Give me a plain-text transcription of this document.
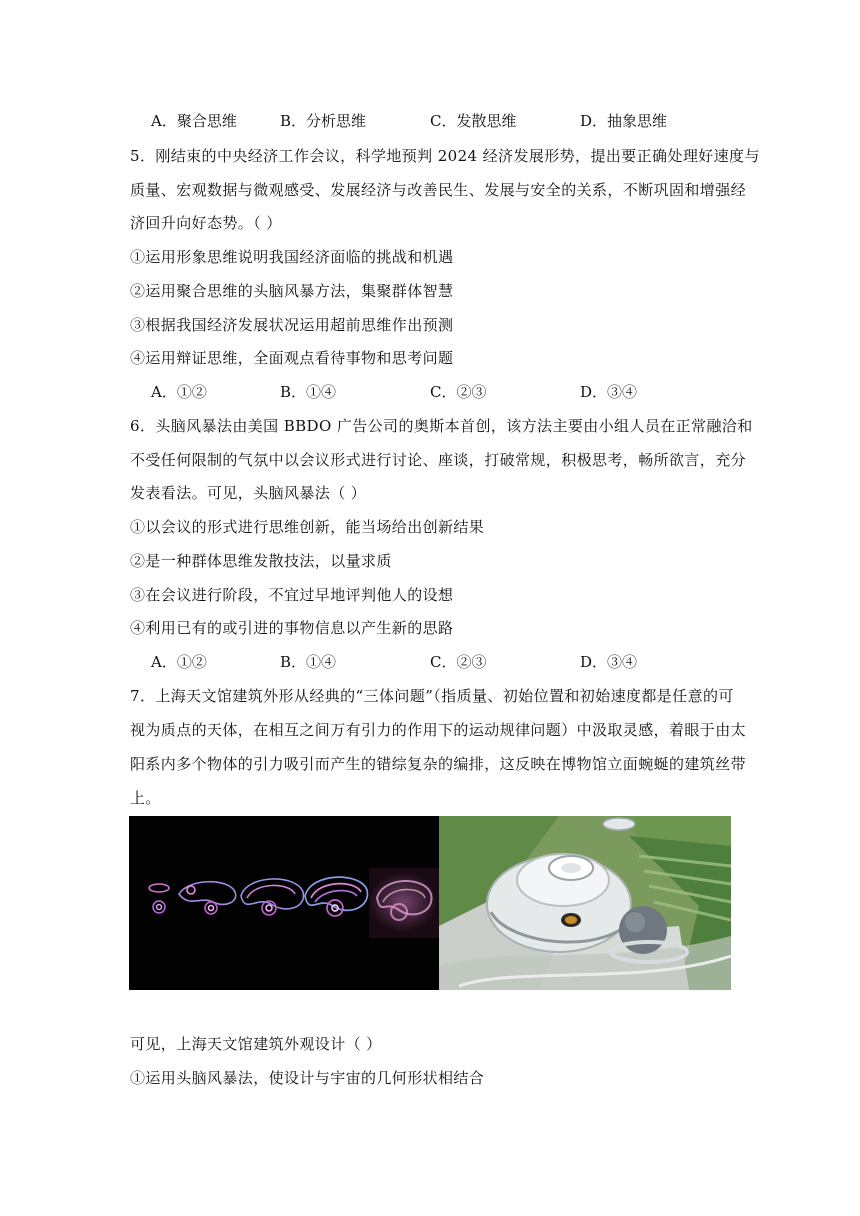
A．聚合思维	B．分析思维	C．发散思维	D．抽象思维
5．刚结束的中央经济工作会议，科学地预判 2024 经济发展形势，提出要正确处理好速度与
质量、宏观数据与微观感受、发展经济与改善民生、发展与安全的关系，不断巩固和增强经
济回升向好态势。（ ）
①运用形象思维说明我国经济面临的挑战和机遇
②运用聚合思维的头脑风暴方法，集聚群体智慧
③根据我国经济发展状况运用超前思维作出预测
④运用辩证思维，全面观点看待事物和思考问题
A．①②	B．①④	C．②③	D．③④
6．头脑风暴法由美国 BBDO 广告公司的奥斯本首创，该方法主要由小组人员在正常融洽和
不受任何限制的气氛中以会议形式进行讨论、座谈，打破常规，积极思考，畅所欲言，充分
发表看法。可见，头脑风暴法（ ）
①以会议的形式进行思维创新，能当场给出创新结果
②是一种群体思维发散技法，以量求质
③在会议进行阶段，不宜过早地评判他人的设想
④利用已有的或引进的事物信息以产生新的思路
A．①②	B．①④	C．②③	D．③④
7．上海天文馆建筑外形从经典的“三体问题”（指质量、初始位置和初始速度都是任意的可
视为质点的天体，在相互之间万有引力的作用下的运动规律问题）中汲取灵感，着眼于由太
阳系内多个物体的引力吸引而产生的错综复杂的编排，这反映在博物馆立面蜿蜒的建筑丝带
上。
可见，上海天文馆建筑外观设计（ ）
①运用头脑风暴法，使设计与宇宙的几何形状相结合
